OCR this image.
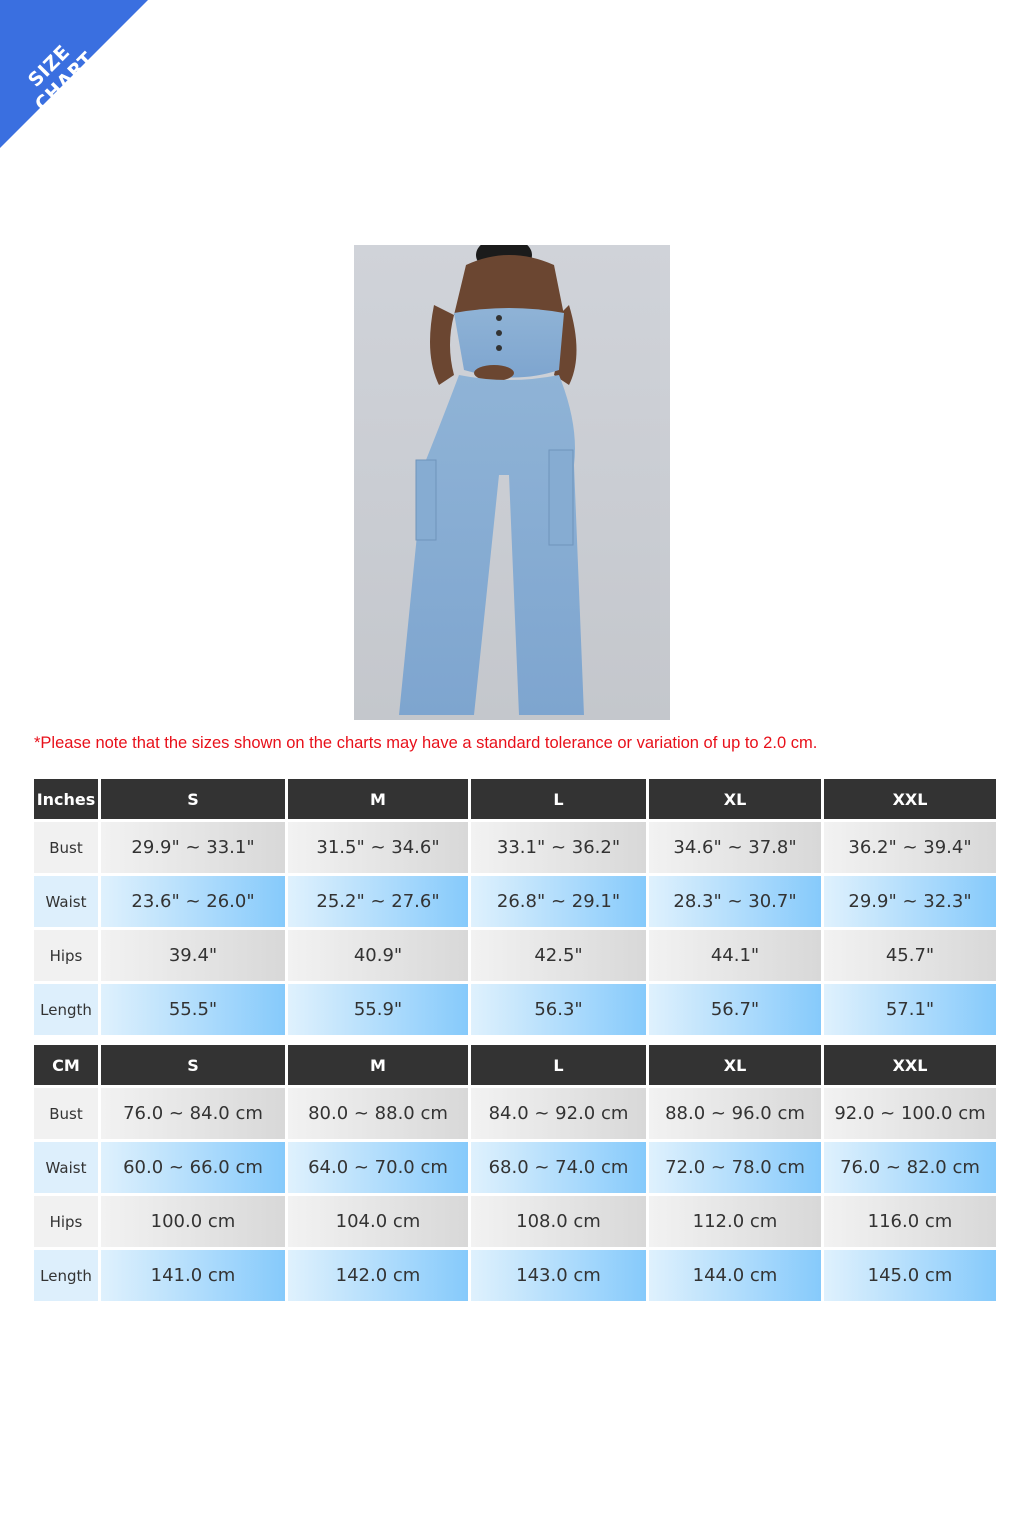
SIZE CHART
*Please note that the sizes shown on the charts may have a standard tolerance or variation of up to 2.0 cm.
Inches	S	M	L	XL	XXL
Bust	29.9" ~ 33.1"	31.5" ~ 34.6"	33.1" ~ 36.2"	34.6" ~ 37.8"	36.2" ~ 39.4"
Waist	23.6" ~ 26.0"	25.2" ~ 27.6"	26.8" ~ 29.1"	28.3" ~ 30.7"	29.9" ~ 32.3"
Hips	39.4"	40.9"	42.5"	44.1"	45.7"
Length	55.5"	55.9"	56.3"	56.7"	57.1"
CM	S	M	L	XL	XXL
Bust	76.0 ~ 84.0 cm	80.0 ~ 88.0 cm	84.0 ~ 92.0 cm	88.0 ~ 96.0 cm	92.0 ~ 100.0 cm
Waist	60.0 ~ 66.0 cm	64.0 ~ 70.0 cm	68.0 ~ 74.0 cm	72.0 ~ 78.0 cm	76.0 ~ 82.0 cm
Hips	100.0 cm	104.0 cm	108.0 cm	112.0 cm	116.0 cm
Length	141.0 cm	142.0 cm	143.0 cm	144.0 cm	145.0 cm
